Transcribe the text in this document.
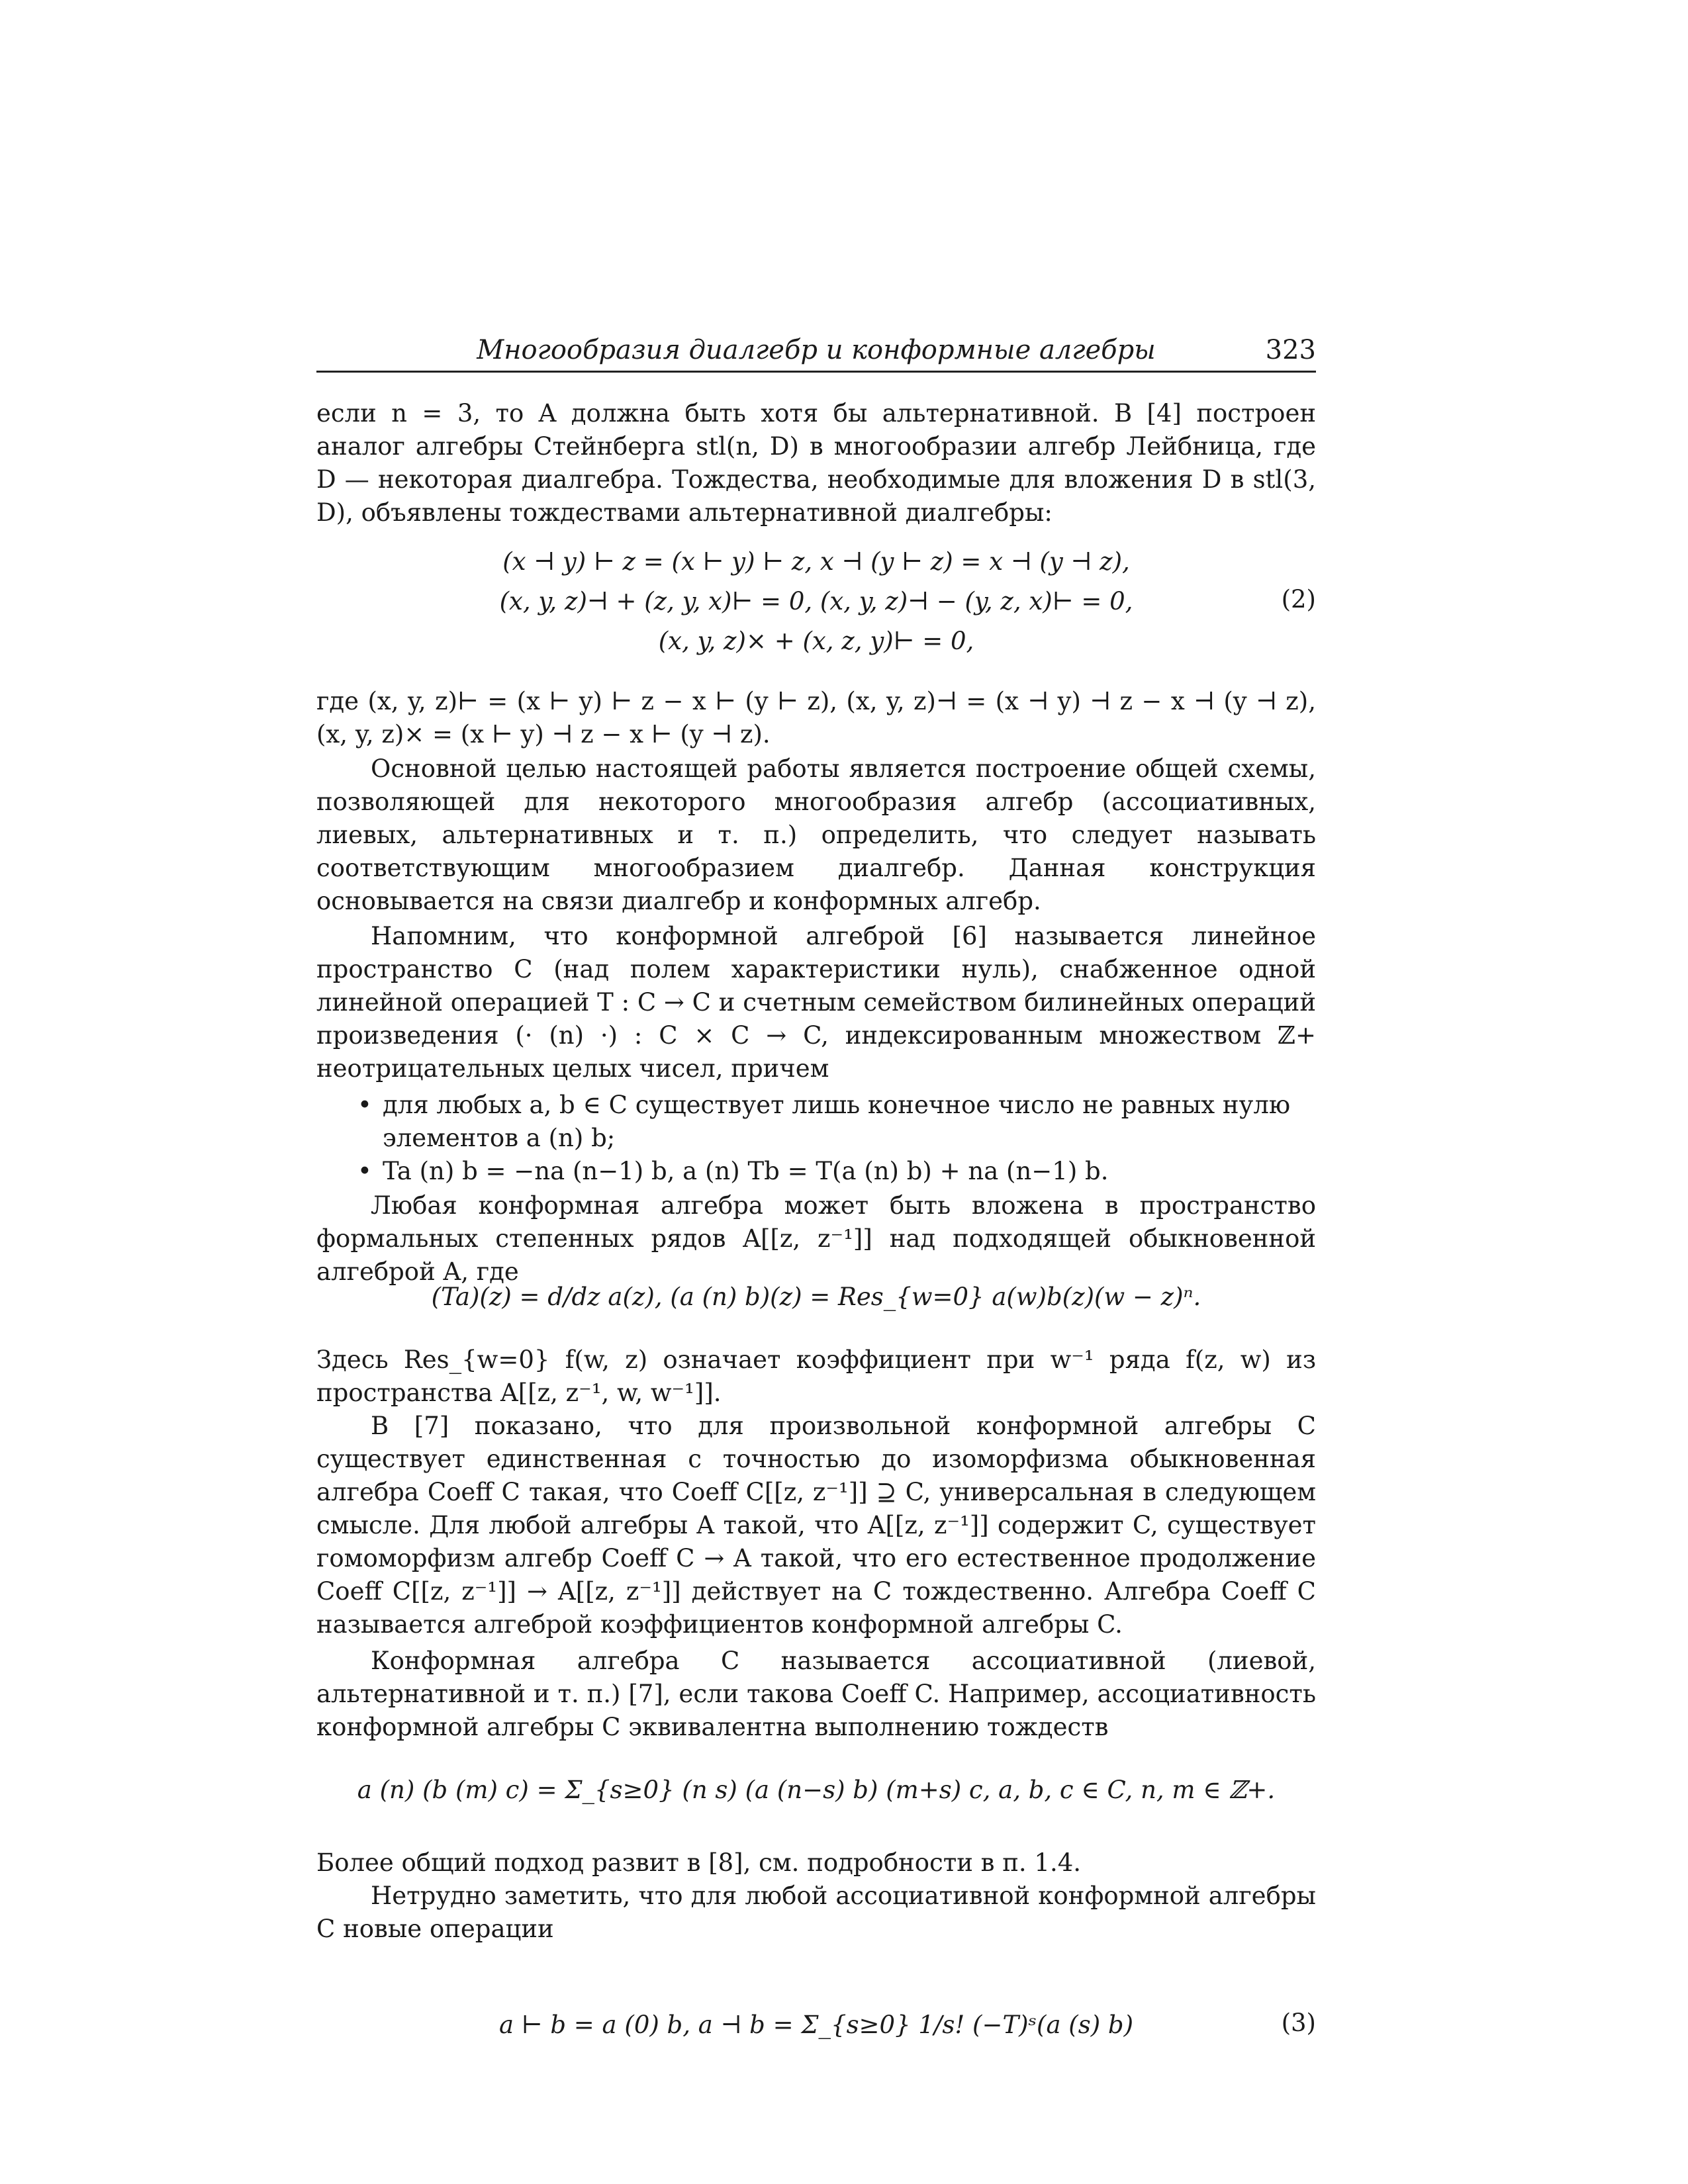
Многообразия диалгебр и конформные алгебры	323

если n = 3, то A должна быть хотя бы альтернативной. В [4] построен аналог алгебры Стейнберга stl(n, D) в многообразии алгебр Лейбница, где D — некоторая диалгебра. Тождества, необходимые для вложения D в stl(3, D), объявлены тождествами альтернативной диалгебры:

(x ⊣ y) ⊢ z = (x ⊢ y) ⊢ z, x ⊣ (y ⊢ z) = x ⊣ (y ⊣ z),
(x, y, z)⊣ + (z, y, x)⊢ = 0, (x, y, z)⊣ − (y, z, x)⊢ = 0,	(2)
(x, y, z)× + (x, z, y)⊢ = 0,

где (x, y, z)⊢ = (x ⊢ y) ⊢ z − x ⊢ (y ⊢ z), (x, y, z)⊣ = (x ⊣ y) ⊣ z − x ⊣ (y ⊣ z), (x, y, z)× = (x ⊢ y) ⊣ z − x ⊢ (y ⊣ z).

Основной целью настоящей работы является построение общей схемы, позволяющей для некоторого многообразия алгебр (ассоциативных, лиевых, альтернативных и т. п.) определить, что следует называть соответствующим многообразием диалгебр. Данная конструкция основывается на связи диалгебр и конформных алгебр.

Напомним, что конформной алгеброй [6] называется линейное пространство C (над полем характеристики нуль), снабженное одной линейной операцией T : C → C и счетным семейством билинейных операций произведения (· (n) ·) : C × C → C, индексированным множеством ℤ+ неотрицательных целых чисел, причем

• для любых a, b ∈ C существует лишь конечное число не равных нулю элементов a (n) b;
• Ta (n) b = −na (n−1) b, a (n) Tb = T(a (n) b) + na (n−1) b.

Любая конформная алгебра может быть вложена в пространство формальных степенных рядов A[[z, z⁻¹]] над подходящей обыкновенной алгеброй A, где

(Ta)(z) = d/dz a(z), (a (n) b)(z) = Res_{w=0} a(w)b(z)(w − z)ⁿ.

Здесь Res_{w=0} f(w, z) означает коэффициент при w⁻¹ ряда f(z, w) из пространства A[[z, z⁻¹, w, w⁻¹]].

В [7] показано, что для произвольной конформной алгебры C существует единственная с точностью до изоморфизма обыкновенная алгебра Coeff C такая, что Coeff C[[z, z⁻¹]] ⊇ C, универсальная в следующем смысле. Для любой алгебры A такой, что A[[z, z⁻¹]] содержит C, существует гомоморфизм алгебр Coeff C → A такой, что его естественное продолжение Coeff C[[z, z⁻¹]] → A[[z, z⁻¹]] действует на C тождественно. Алгебра Coeff C называется алгеброй коэффициентов конформной алгебры C.

Конформная алгебра C называется ассоциативной (лиевой, альтернативной и т. п.) [7], если такова Coeff C. Например, ассоциативность конформной алгебры C эквивалентна выполнению тождеств

a (n) (b (m) c) = Σ_{s≥0} (n s) (a (n−s) b) (m+s) c, a, b, c ∈ C, n, m ∈ ℤ+.

Более общий подход развит в [8], см. подробности в п. 1.4.

Нетрудно заметить, что для любой ассоциативной конформной алгебры C новые операции

a ⊢ b = a (0) b, a ⊣ b = Σ_{s≥0} 1/s! (−T)ˢ(a (s) b)	(3)
